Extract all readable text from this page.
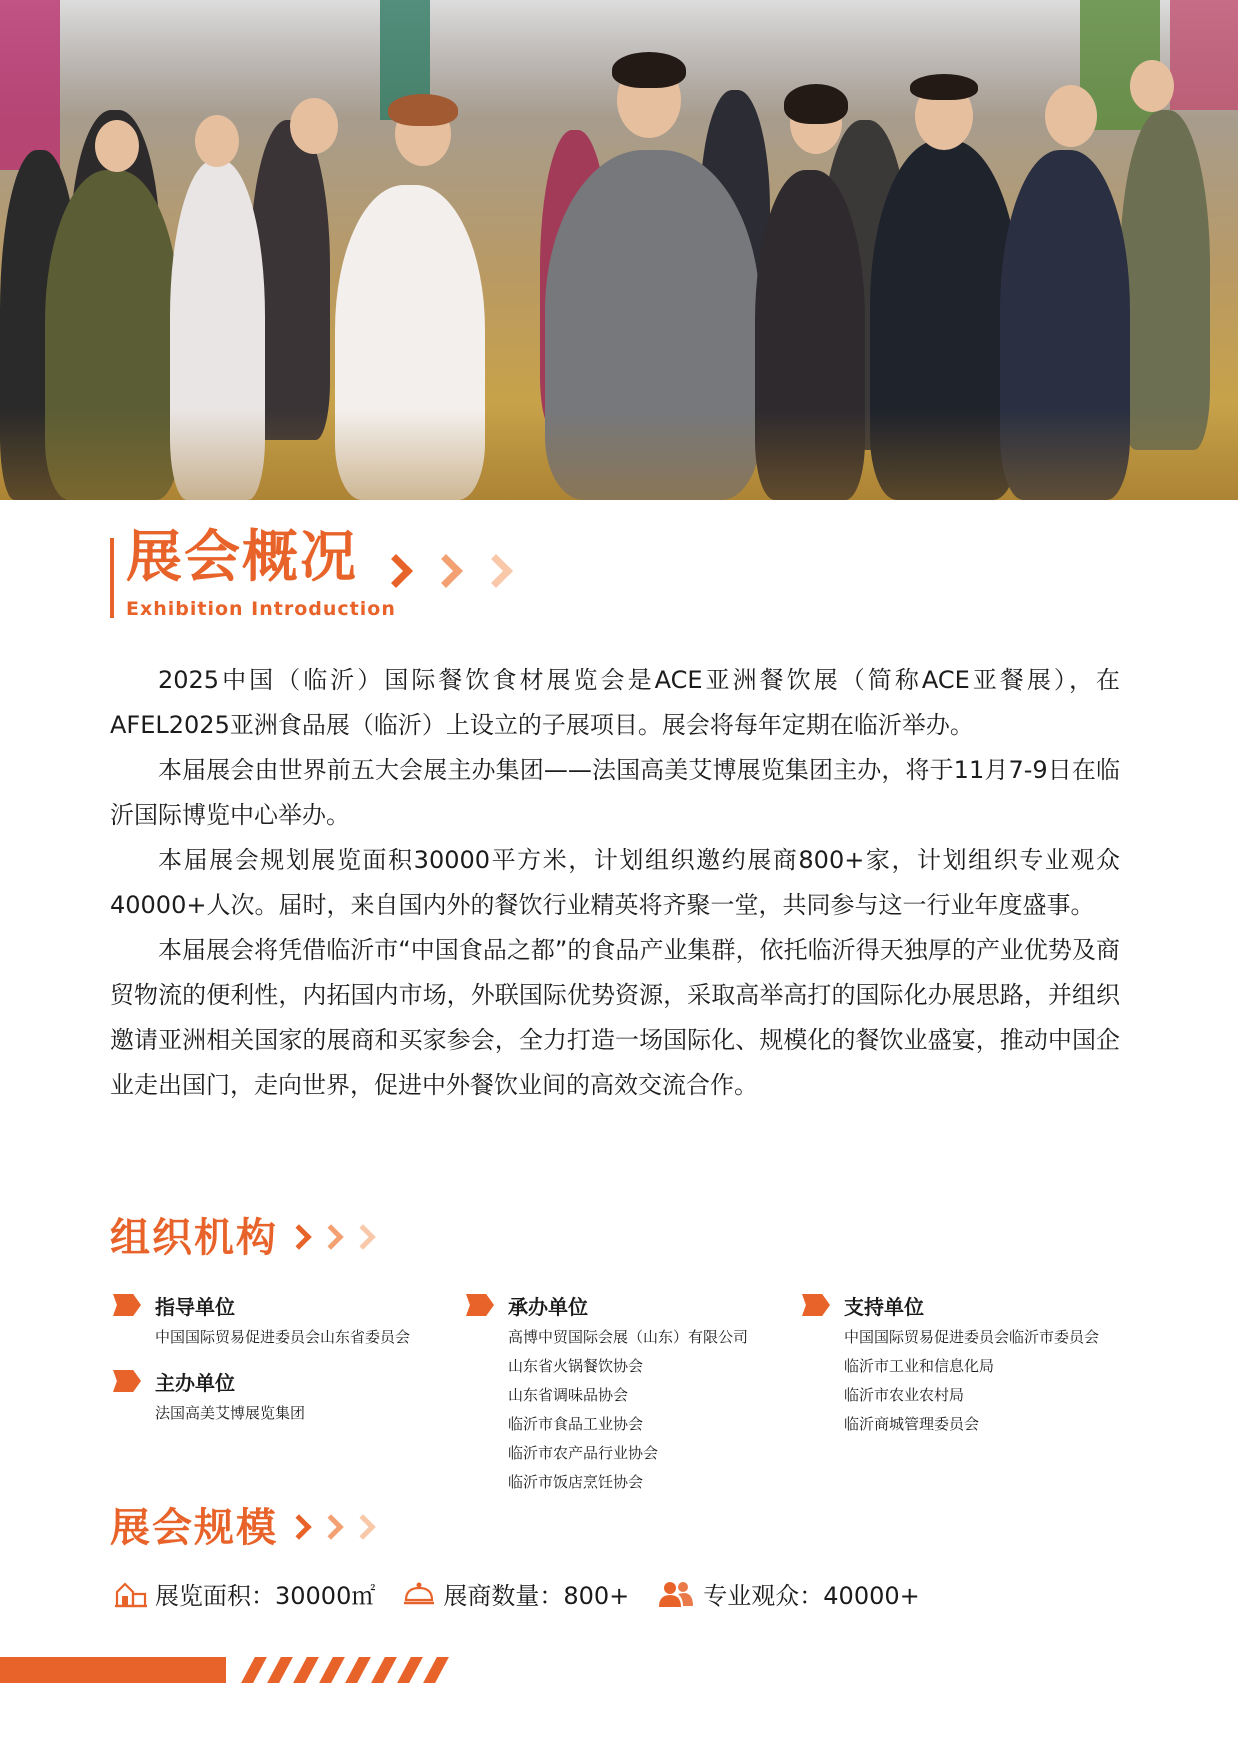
展会概况
Exhibition Introduction

2025中国（临沂）国际餐饮食材展览会是ACE亚洲餐饮展（简称ACE亚餐展），在AFEL2025亚洲食品展（临沂）上设立的子展项目。展会将每年定期在临沂举办。

本届展会由世界前五大会展主办集团——法国高美艾博展览集团主办，将于11月7-9日在临沂国际博览中心举办。

本届展会规划展览面积30000平方米，计划组织邀约展商800+家，计划组织专业观众40000+人次。届时，来自国内外的餐饮行业精英将齐聚一堂，共同参与这一行业年度盛事。

本届展会将凭借临沂市“中国食品之都”的食品产业集群，依托临沂得天独厚的产业优势及商贸物流的便利性，内拓国内市场，外联国际优势资源，采取高举高打的国际化办展思路，并组织邀请亚洲相关国家的展商和买家参会，全力打造一场国际化、规模化的餐饮业盛宴，推动中国企业走出国门，走向世界，促进中外餐饮业间的高效交流合作。

组织机构
指导单位
中国国际贸易促进委员会山东省委员会
主办单位
法国高美艾博展览集团
承办单位
高博中贸国际会展（山东）有限公司
山东省火锅餐饮协会
山东省调味品协会
临沂市食品工业协会
临沂市农产品行业协会
临沂市饭店烹饪协会
支持单位
中国国际贸易促进委员会临沂市委员会
临沂市工业和信息化局
临沂市农业农村局
临沂商城管理委员会
展会规模
展览面积：30000㎡	展商数量：800+	专业观众：40000+
